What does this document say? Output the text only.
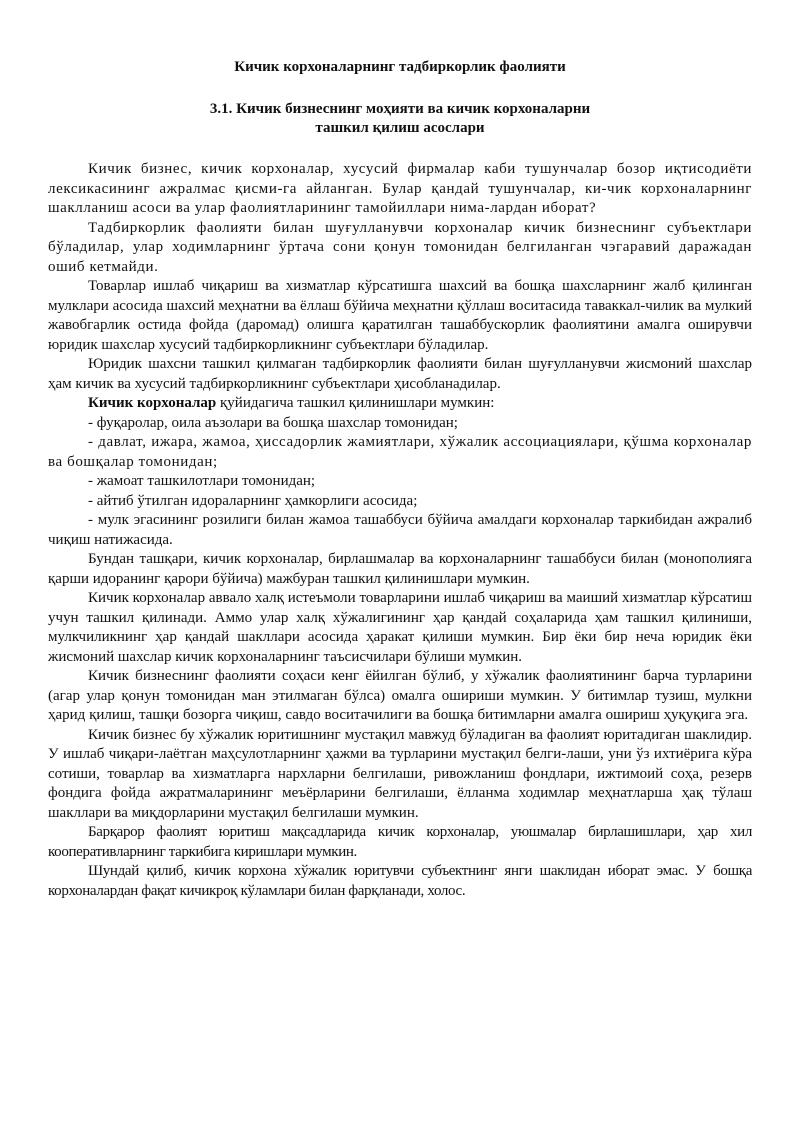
Кичик корхоналарнинг тадбиркорлик фаолияти
3.1. Кичик бизнеснинг моҳияти ва кичик корхоналарни
ташкил қилиш асослари

Кичик бизнес, кичик корхоналар, хусусий фирмалар каби тушунчалар бозор иқтисодиёти лексикасининг ажралмас қисми-га айланган. Булар қандай тушунчалар, ки-чик корхоналарнинг шаклланиш асоси ва улар фаолиятларининг тамойиллари нима-лардан иборат?

Тадбиркорлик фаолияти билан шуғулланувчи корхоналар кичик бизнеснинг субъектлари бўладилар, улар ходимларнинг ўртача сони қонун томонидан белгиланган чэгаравий даражадан ошиб кетмайди.

Товарлар ишлаб чиқариш ва хизматлар кўрсатишга шахсий ва бошқа шахсларнинг жалб қилинган мулклари асосида шахсий меҳнатни ва ёллаш бўйича меҳнатни қўллаш воситасида таваккал-чилик ва мулкий жавобгарлик остида фойда (даромад) олишга қаратилган ташаббускорлик фаолиятини амалга оширувчи юридик шахслар хусусий тадбиркорликнинг субъектлари бўладилар.

Юридик шахсни ташкил қилмаган тадбиркорлик фаолияти билан шуғулланувчи жисмоний шахслар ҳам кичик ва хусусий тадбиркорликнинг субъектлари ҳисобланадилар.

Кичик корхоналар қуйидагича ташкил қилинишлари мумкин:

- фуқаролар, оила аъзолари ва бошқа шахслар томонидан;

- давлат, ижара, жамоа, ҳиссадорлик жамиятлари, хўжалик ассоциациялари, қўшма корхоналар ва бошқалар томонидан;

- жамоат ташкилотлари томонидан;

- айтиб ўтилган идораларнинг ҳамкорлиги асосида;

- мулк эгасининг розилиги билан жамоа ташаббуси бўйича амалдаги корхоналар таркибидан ажралиб чиқиш натижасида.

Бундан ташқари, кичик корхоналар, бирлашмалар ва корхоналарнинг ташаббуси билан (монополияга қарши идоранинг қарори бўйича) мажбуран ташкил қилинишлари мумкин.

Кичик корхоналар аввало халқ истеъмоли товарларини ишлаб чиқариш ва маиший хизматлар кўрсатиш учун ташкил қилинади. Аммо улар халқ хўжалигининг ҳар қандай соҳаларида ҳам ташкил қилиниши, мулкчиликнинг ҳар қандай шакллари асосида ҳаракат қилиши мумкин. Бир ёки бир неча юридик ёки жисмоний шахслар кичик корхоналарнинг таъсисчилари бўлиши мумкин.

Кичик бизнеснинг фаолияти соҳаси кенг ёйилган бўлиб, у хўжалик фаолиятининг барча турларини (агар улар қонун томонидан ман этилмаган бўлса) омалга ошириши мумкин. У битимлар тузиш, мулкни ҳарид қилиш, ташқи бозорга чиқиш, савдо воситачилиги ва бошқа битимларни амалга ошириш ҳуқуқига эга.

Кичик бизнес бу хўжалик юритишнинг мустақил мавжуд бўладиган ва фаолият юритадиган шаклидир. У ишлаб чиқари-лаётган маҳсулотларнинг ҳажми ва турларини мустақил белги-лаши, уни ўз ихтиёрига кўра сотиши, товарлар ва хизматларга нархларни белгилаши, ривожланиш фондлари, ижтимоий соҳа, резерв фондига фойда ажратмаларининг меъёрларини белгилаши, ёлланма ходимлар меҳнатларша ҳақ тўлаш шакллари ва миқдорларини мустақил белгилаши мумкин.

Барқарор фаолият юритиш мақсадларида кичик корхоналар, уюшмалар бирлашишлари, ҳар хил кооперативларнинг таркибига киришлари мумкин.

Шундай қилиб, кичик корхона хўжалик юритувчи субъектнинг янги шаклидан иборат эмас. У бошқа корхоналардан фақат кичикроқ кўламлари билан фарқланади, холос.
